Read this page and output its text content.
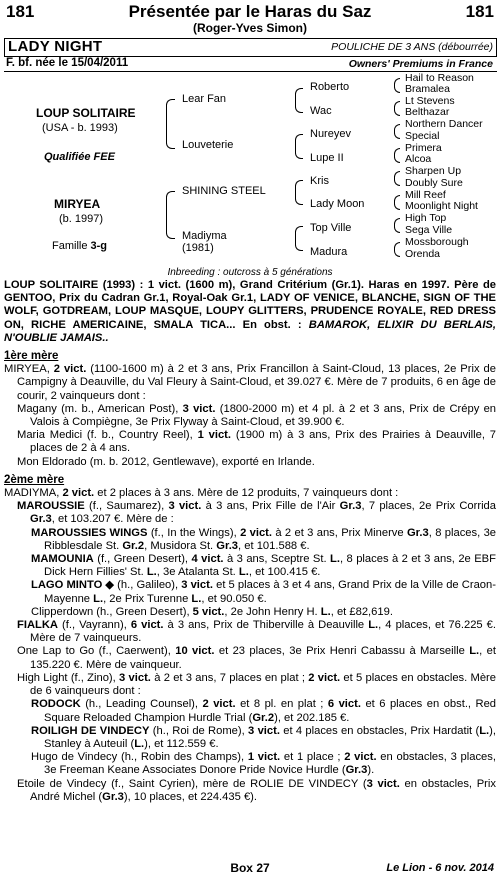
181	Présentée par le Haras du Saz	181
(Roger-Yves Simon)
LADY NIGHT	POULICHE DE 3 ANS (débourrée)
F. bf. née le 15/04/2011	Owners' Premiums in France
LOUP SOLITAIRE
(USA - b. 1993)
Qualifiée FEE
MIRYEA
(b. 1997)
Famille 3-g
Lear Fan
Louveterie
SHINING STEEL
Madiyma
(1981)
Roberto
Wac
Nureyev
Lupe II
Kris
Lady Moon
Top Ville
Madura
Hail to Reason
Bramalea
Lt Stevens
Belthazar
Northern Dancer
Special
Primera
Alcoa
Sharpen Up
Doubly Sure
Mill Reef
Moonlight Night
High Top
Sega Ville
Mossborough
Orenda
Inbreeding : outcross à 5 générations

LOUP SOLITAIRE (1993) : 1 vict. (1600 m), Grand Critérium (Gr.1). Haras en 1997. Père de GENTOO, Prix du Cadran Gr.1, Royal-Oak Gr.1, LADY OF VENICE, BLANCHE, SIGN OF THE WOLF, GOTDREAM, LOUP MASQUE, LOUPY GLITTERS, PRUDENCE ROYALE, RED DRESS ON, RICHE AMERICAINE, SMALA TICA... En obst. : BAMAROK, ELIXIR DU BERLAIS, N'OUBLIE JAMAIS..

1ère mère

MIRYEA, 2 vict. (1100-1600 m) à 2 et 3 ans, Prix Francillon à Saint-Cloud, 13 places, 2e Prix de Campigny à Deauville, du Val Fleury à Saint-Cloud, et 39.027 €. Mère de 7 produits, 6 en âge de courir, 2 vainqueurs dont :

Magany (m. b., American Post), 3 vict. (1800-2000 m) et 4 pl. à 2 et 3 ans, Prix de Crépy en Valois à Compiègne, 3e Prix Flyway à Saint-Cloud, et 39.900 €.

Maria Medici (f. b., Country Reel), 1 vict. (1900 m) à 3 ans, Prix des Prairies à Deauville, 7 places de 2 à 4 ans.

Mon Eldorado (m. b. 2012, Gentlewave), exporté en Irlande.

2ème mère

MADIYMA, 2 vict. et 2 places à 3 ans. Mère de 12 produits, 7 vainqueurs dont :

MAROUSSIE (f., Saumarez), 3 vict. à 3 ans, Prix Fille de l'Air Gr.3, 7 places, 2e Prix Corrida Gr.3, et 103.207 €. Mère de :

MAROUSSIES WINGS (f., In the Wings), 2 vict. à 2 et 3 ans, Prix Minerve Gr.3, 8 places, 3e Ribblesdale St. Gr.2, Musidora St. Gr.3, et 101.588 €.

MAMOUNIA (f., Green Desert), 4 vict. à 3 ans, Sceptre St. L., 8 places à 2 et 3 ans, 2e EBF Dick Hern Fillies' St. L., 3e Atalanta St. L., et 100.415 €.

LAGO MINTO ◆ (h., Galileo), 3 vict. et 5 places à 3 et 4 ans, Grand Prix de la Ville de Craon-Mayenne L., 2e Prix Turenne L., et 90.050 €.

Clipperdown (h., Green Desert), 5 vict., 2e John Henry H. L., et £82,619.

FIALKA (f., Vayrann), 6 vict. à 3 ans, Prix de Thiberville à Deauville L., 4 places, et 76.225 €. Mère de 7 vainqueurs.

One Lap to Go (f., Caerwent), 10 vict. et 23 places, 3e Prix Henri Cabassu à Marseille L., et 135.220 €. Mère de vainqueur.

High Light (f., Zino), 3 vict. à 2 et 3 ans, 7 places en plat ; 2 vict. et 5 places en obstacles. Mère de 6 vainqueurs dont :

RODOCK (h., Leading Counsel), 2 vict. et 8 pl. en plat ; 6 vict. et 6 places en obst., Red Square Reloaded Champion Hurdle Trial (Gr.2), et 202.185 €.

ROILIGH DE VINDECY (h., Roi de Rome), 3 vict. et 4 places en obstacles, Prix Hardatit (L.), Stanley à Auteuil (L.), et 112.559 €.

Hugo de Vindecy (h., Robin des Champs), 1 vict. et 1 place ; 2 vict. en obstacles, 3 places, 3e Freeman Keane Associates Donore Pride Novice Hurdle (Gr.3).

Etoile de Vindecy (f., Saint Cyrien), mère de ROLIE DE VINDECY (3 vict. en obstacles, Prix André Michel (Gr.3), 10 places, et 224.435 €).

Box 27	Le Lion - 6 nov. 2014
